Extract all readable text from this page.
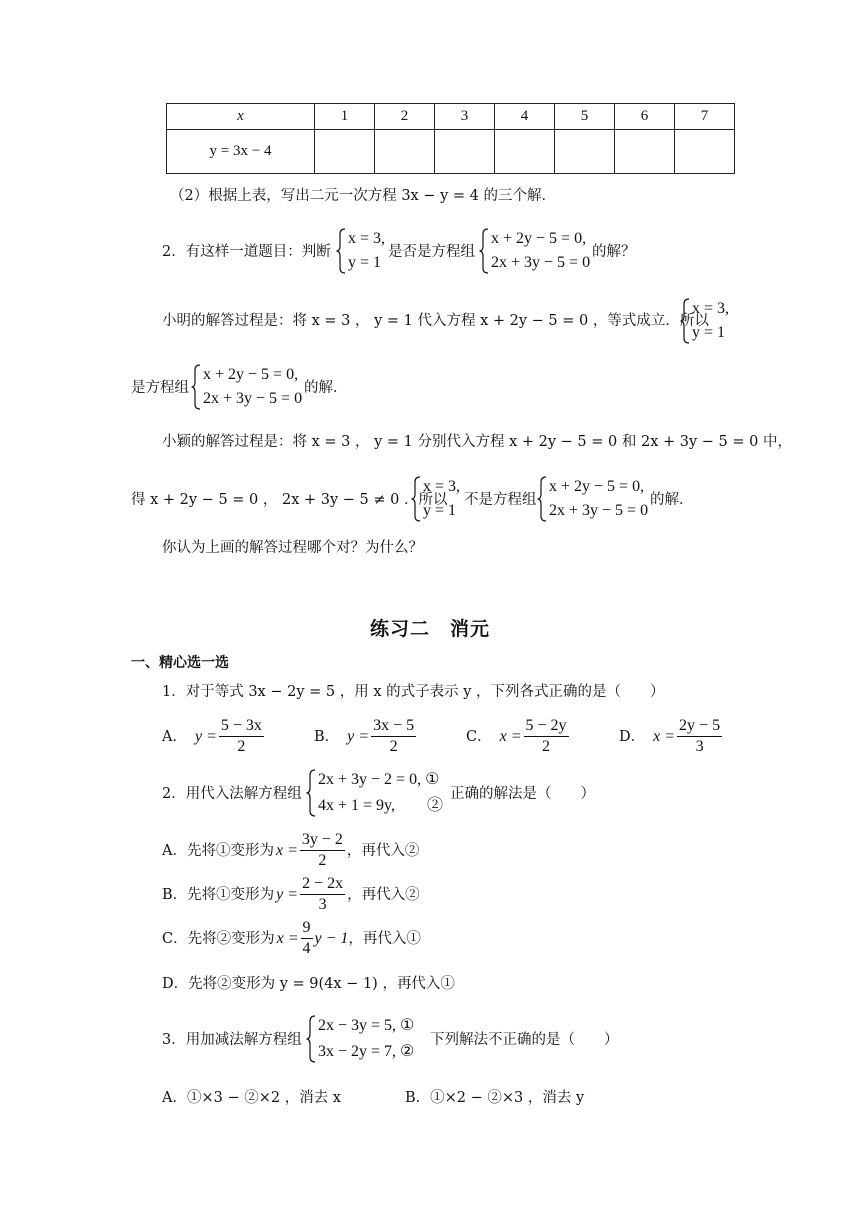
x	1	2	3	4	5	6	7
y = 3x − 4							
（2）根据上表，写出二元一次方程 3x − y = 4 的三个解．
2．有这样一道题目：判断
x = 3,
y = 1
是否是方程组
x + 2y − 5 = 0,
2x + 3y − 5 = 0
的解？
小明的解答过程是：将 x = 3 ， y = 1 代入方程 x + 2y − 5 = 0 ，等式成立．所以
x = 3,
y = 1
是方程组
x + 2y − 5 = 0,
2x + 3y − 5 = 0
的解．
小颖的解答过程是：将 x = 3 ， y = 1 分别代入方程 x + 2y − 5 = 0 和 2x + 3y − 5 = 0 中，
得 x + 2y − 5 = 0 ， 2x + 3y − 5 ≠ 0 ．所以
x = 3,
y = 1
不是方程组
x + 2y − 5 = 0,
2x + 3y − 5 = 0
的解．
你认为上画的解答过程哪个对？为什么？
练习二　消元
一、精心选一选
1．对于等式 3x − 2y = 5 ，用 x 的式子表示 y ，下列各式正确的是（　　）
A． $y = \frac{5 - 3x}{2}$	B． $y = \frac{3x - 5}{2}$	C． $x = \frac{5 - 2y}{2}$	D． $x = \frac{2y - 5}{3}$
2．用代入法解方程组
2x + 3y − 2 = 0, ①
4x + 1 = 9y,　　②
正确的解法是（　　）
A．先将①变形为 $x = \frac{3y - 2}{2}$ ，再代入②
B．先将①变形为 $y = \frac{2 - 2x}{3}$ ，再代入②
C．先将②变形为 $x = \frac{9}{4}$ y − 1 ，再代入①
D．先将②变形为 y = 9(4x − 1) ，再代入①
3．用加减法解方程组
2x − 3y = 5, ①
3x − 2y = 7, ②
下列解法不正确的是（　　）
A．①×3 − ②×2 ，消去 x	B．①×2 − ②×3 ，消去 y
